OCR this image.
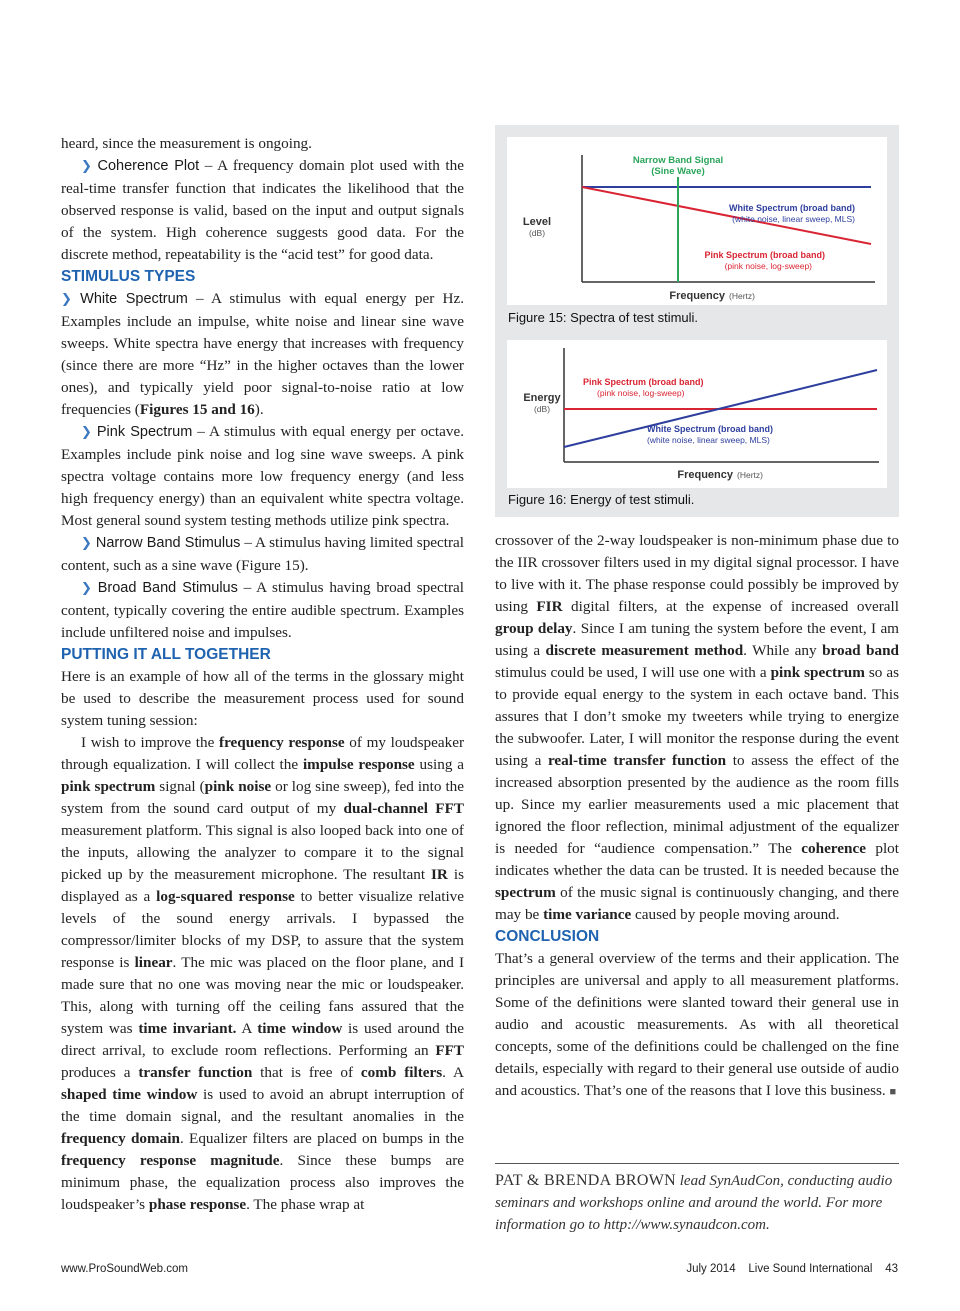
heard, since the measurement is ongoing.

❯ Coherence Plot – A frequency domain plot used with the real-time transfer function that indicates the likelihood that the observed response is valid, based on the input and output signals of the system. High coherence suggests good data. For the discrete method, repeatability is the “acid test” for good data.

STIMULUS TYPES

❯ White Spectrum – A stimulus with equal energy per Hz. Examples include an impulse, white noise and linear sine wave sweeps. White spectra have energy that increases with frequency (since there are more “Hz” in the higher octaves than the lower ones), and typically yield poor signal-to-noise ratio at low frequencies (Figures 15 and 16).

❯ Pink Spectrum – A stimulus with equal energy per octave. Examples include pink noise and log sine wave sweeps. A pink spectra voltage contains more low frequency energy (and less high frequency energy) than an equivalent white spectra voltage. Most general sound system testing methods utilize pink spectra.

❯ Narrow Band Stimulus – A stimulus having limited spectral content, such as a sine wave (Figure 15).

❯ Broad Band Stimulus – A stimulus having broad spectral content, typically covering the entire audible spectrum. Examples include unfiltered noise and impulses.

PUTTING IT ALL TOGETHER

Here is an example of how all of the terms in the glossary might be used to describe the measurement process used for sound system tuning session:

I wish to improve the frequency response of my loudspeaker through equalization. I will collect the impulse response using a pink spectrum signal (pink noise or log sine sweep), fed into the system from the sound card output of my dual-channel FFT measurement platform. This signal is also looped back into one of the inputs, allowing the analyzer to compare it to the signal picked up by the measurement microphone. The resultant IR is displayed as a log-squared response to better visualize relative levels of the sound energy arrivals. I bypassed the compressor/limiter blocks of my DSP, to assure that the system response is linear. The mic was placed on the floor plane, and I made sure that no one was moving near the mic or loudspeaker. This, along with turning off the ceiling fans assured that the system was time invariant. A time window is used around the direct arrival, to exclude room reflections. Performing an FFT produces a transfer function that is free of comb filters. A shaped time window is used to avoid an abrupt interruption of the time domain signal, and the resultant anomalies in the frequency domain. Equalizer filters are placed on bumps in the frequency response magnitude. Since these bumps are minimum phase, the equalization process also improves the loudspeaker’s phase response. The phase wrap at

Narrow Band Signal
(Sine Wave)
Level
(dB)
White Spectrum (broad band)
(white noise, linear sweep, MLS)
Pink Spectrum (broad band)
(pink noise, log-sweep)
Frequency (Hertz)
Figure 15: Spectra of test stimuli.
Energy
(dB)
Pink Spectrum (broad band)
(pink noise, log-sweep)
White Spectrum (broad band)
(white noise, linear sweep, MLS)
Frequency (Hertz)
Figure 16: Energy of test stimuli.

crossover of the 2-way loudspeaker is non-minimum phase due to the IIR crossover filters used in my digital signal processor. I have to live with it. The phase response could possibly be improved by using FIR digital filters, at the expense of increased overall group delay. Since I am tuning the system before the event, I am using a discrete measurement method. While any broad band stimulus could be used, I will use one with a pink spectrum so as to provide equal energy to the system in each octave band. This assures that I don’t smoke my tweeters while trying to energize the subwoofer. Later, I will monitor the response during the event using a real-time transfer function to assess the effect of the increased absorption presented by the audience as the room fills up. Since my earlier measurements used a mic placement that ignored the floor reflection, minimal adjustment of the equalizer is needed for “audience compensation.” The coherence plot indicates whether the data can be trusted. It is needed because the spectrum of the music signal is continuously changing, and there may be time variance caused by people moving around.

CONCLUSION

That’s a general overview of the terms and their application. The principles are universal and apply to all measurement platforms. Some of the definitions were slanted toward their general use in audio and acoustic measurements. As with all theoretical concepts, some of the definitions could be challenged on the fine details, especially with regard to their general use outside of audio and acoustics. That’s one of the reasons that I love this business. ■

PAT & BRENDA BROWN lead SynAudCon, conducting audio seminars and workshops online and around the world. For more information go to http://www.synaudcon.com.
www.ProSoundWeb.com	July 2014 Live Sound International 43
